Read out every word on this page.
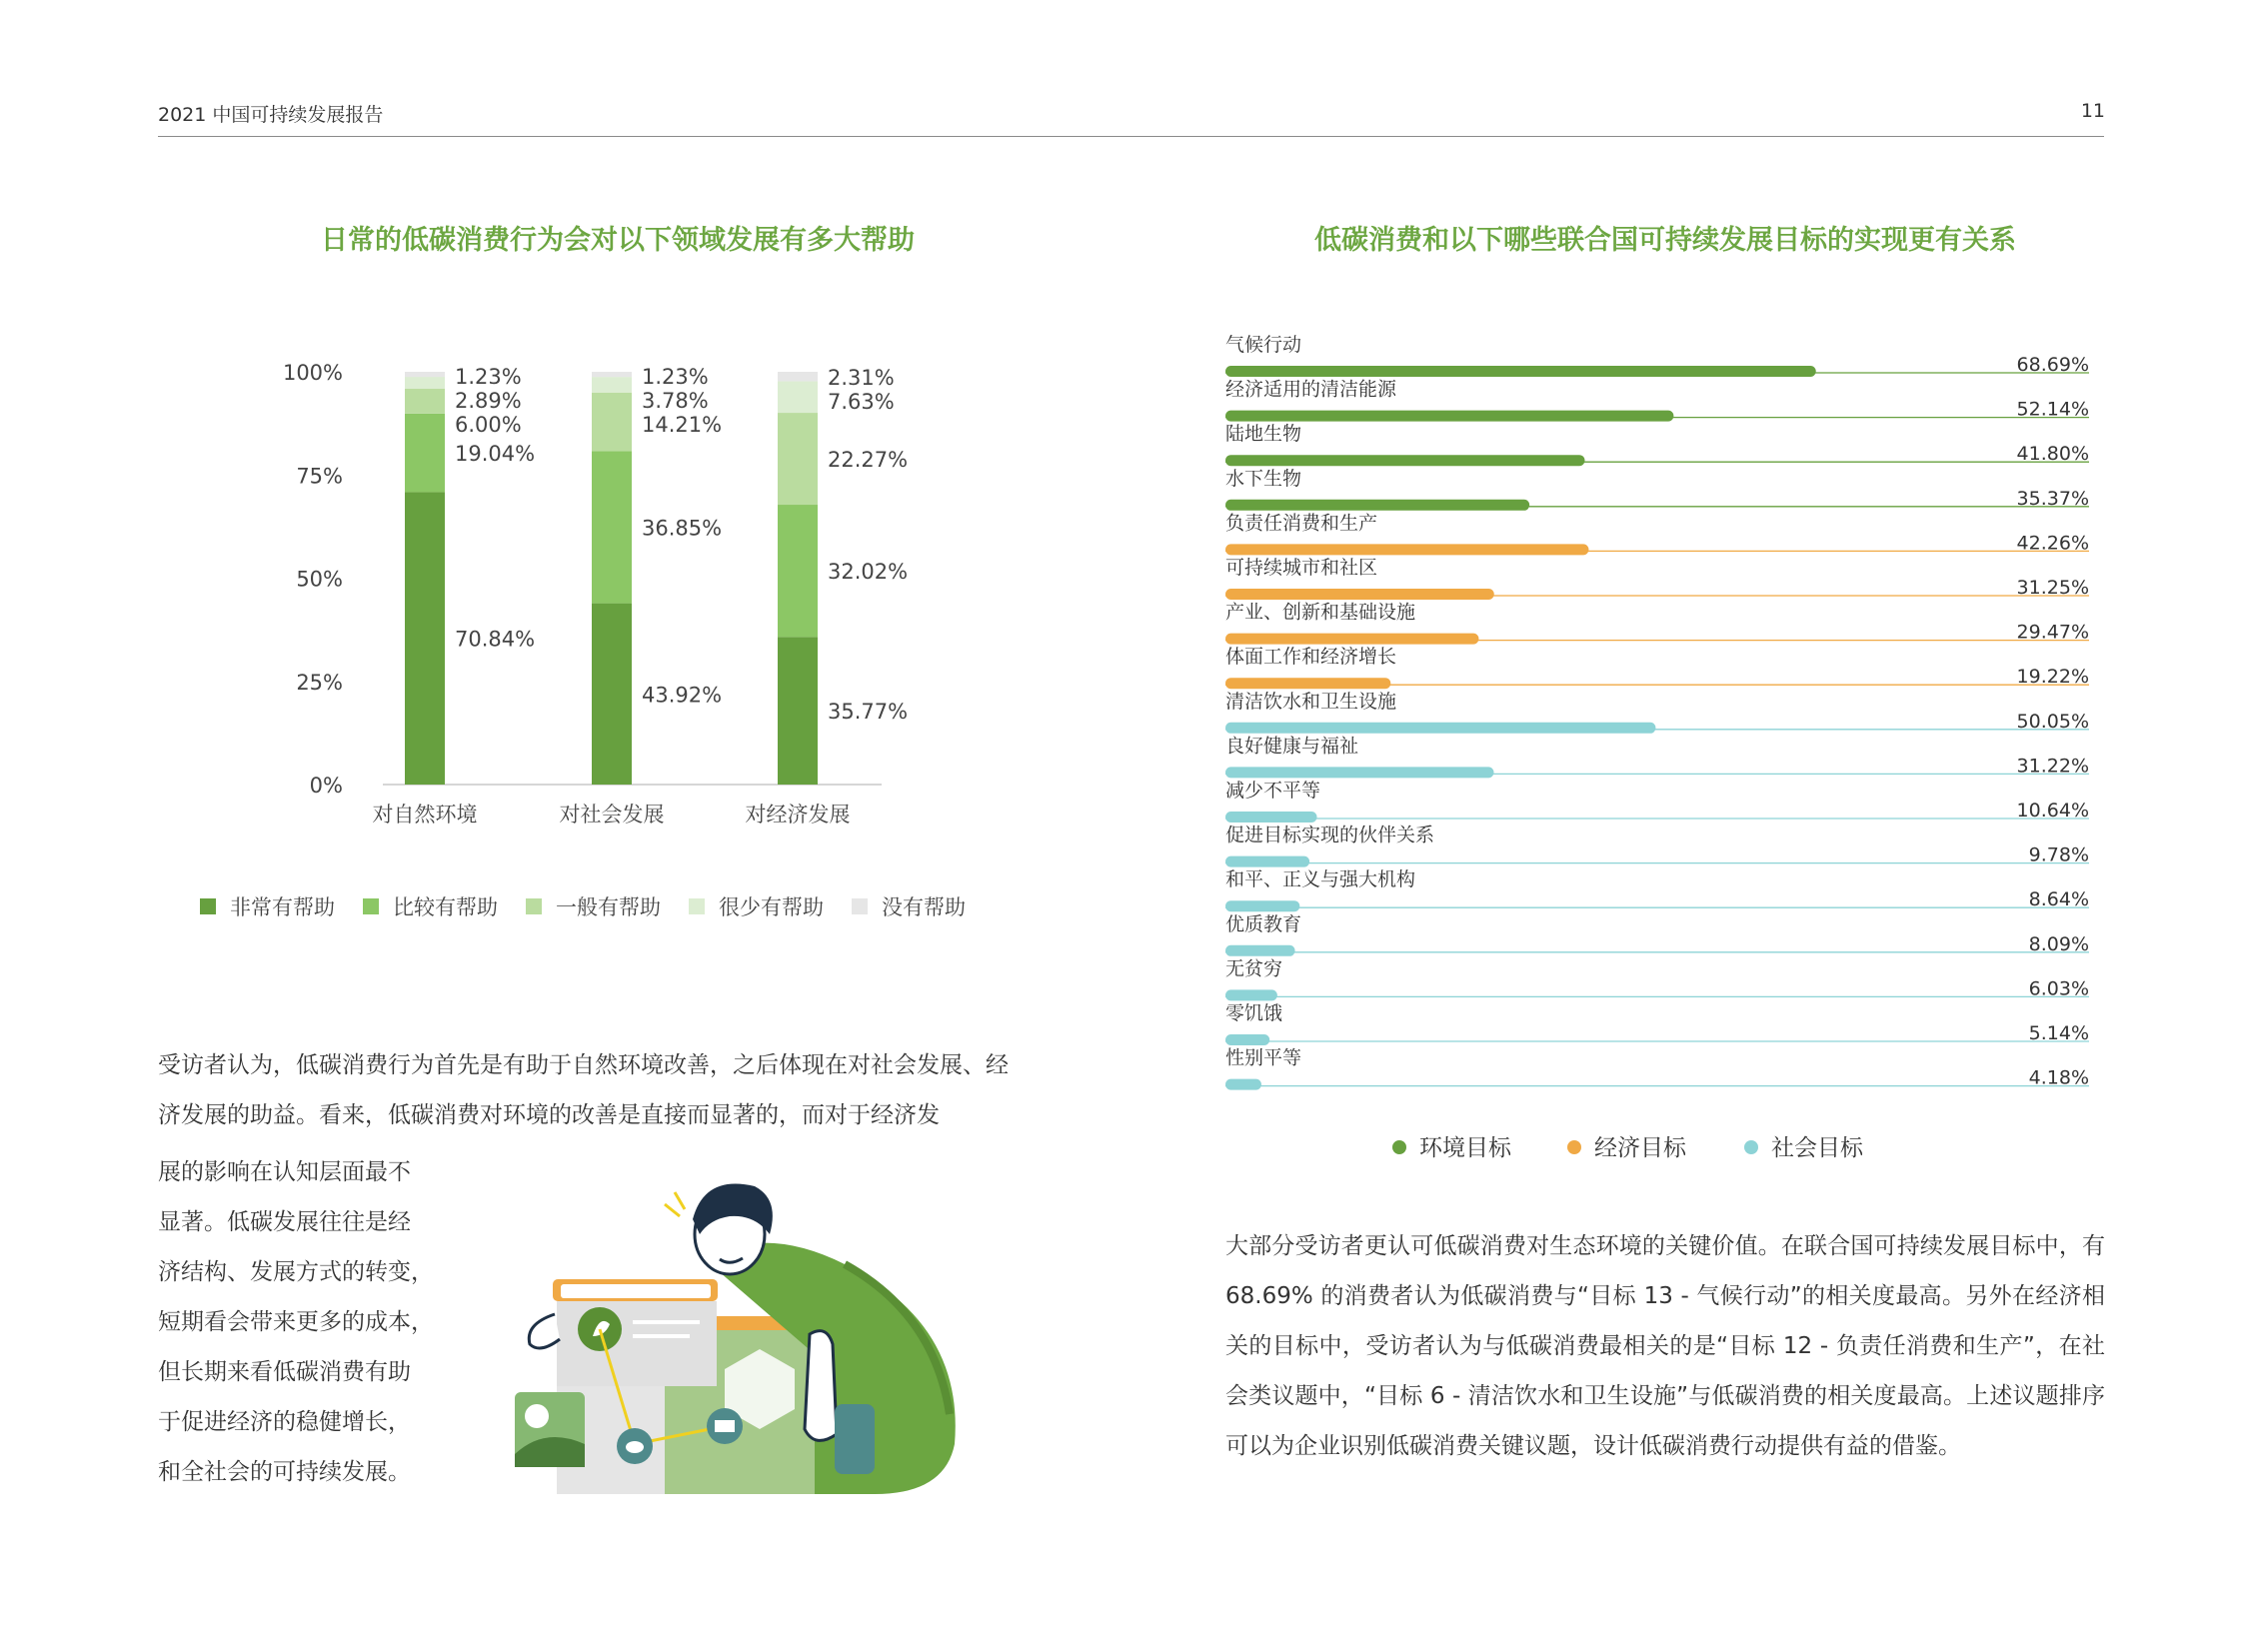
2021 中国可持续发展报告	11
日常的低碳消费行为会对以下领域发展有多大帮助	低碳消费和以下哪些联合国可持续发展目标的实现更有关系
0%
25%
50%
75%
100%
70.84%
19.04%
6.00%
2.89%
1.23%
对自然环境
43.92%
36.85%
14.21%
3.78%
1.23%
对社会发展
35.77%
32.02%
22.27%
7.63%
2.31%
对经济发展
非常有帮助	比较有帮助	一般有帮助	很少有帮助	没有帮助
气候行动
68.69%
经济适用的清洁能源
52.14%
陆地生物
41.80%
水下生物
35.37%
负责任消费和生产
42.26%
可持续城市和社区
31.25%
产业、创新和基础设施
29.47%
体面工作和经济增长
19.22%
清洁饮水和卫生设施
50.05%
良好健康与福祉
31.22%
减少不平等
10.64%
促进目标实现的伙伴关系
9.78%
和平、正义与强大机构
8.64%
优质教育
8.09%
无贫穷
6.03%
零饥饿
5.14%
性别平等
4.18%
环境目标	经济目标	社会目标

受访者认为，低碳消费行为首先是有助于自然环境改善，之后体现在对社会发展、经济发展的助益。看来，低碳消费对环境的改善是直接而显著的，而对于经济发

展的影响在认知层面最不

显著。低碳发展往往是经

济结构、发展方式的转变，

短期看会带来更多的成本，

但长期来看低碳消费有助

于促进经济的稳健增长，

和全社会的可持续发展。

大部分受访者更认可低碳消费对生态环境的关键价值。在联合国可持续发展目标中，有 68.69% 的消费者认为低碳消费与“目标 13 - 气候行动”的相关度最高。另外在经济相关的目标中，受访者认为与低碳消费最相关的是“目标 12 - 负责任消费和生产”，在社会类议题中，“目标 6 - 清洁饮水和卫生设施”与低碳消费的相关度最高。上述议题排序可以为企业识别低碳消费关键议题，设计低碳消费行动提供有益的借鉴。
